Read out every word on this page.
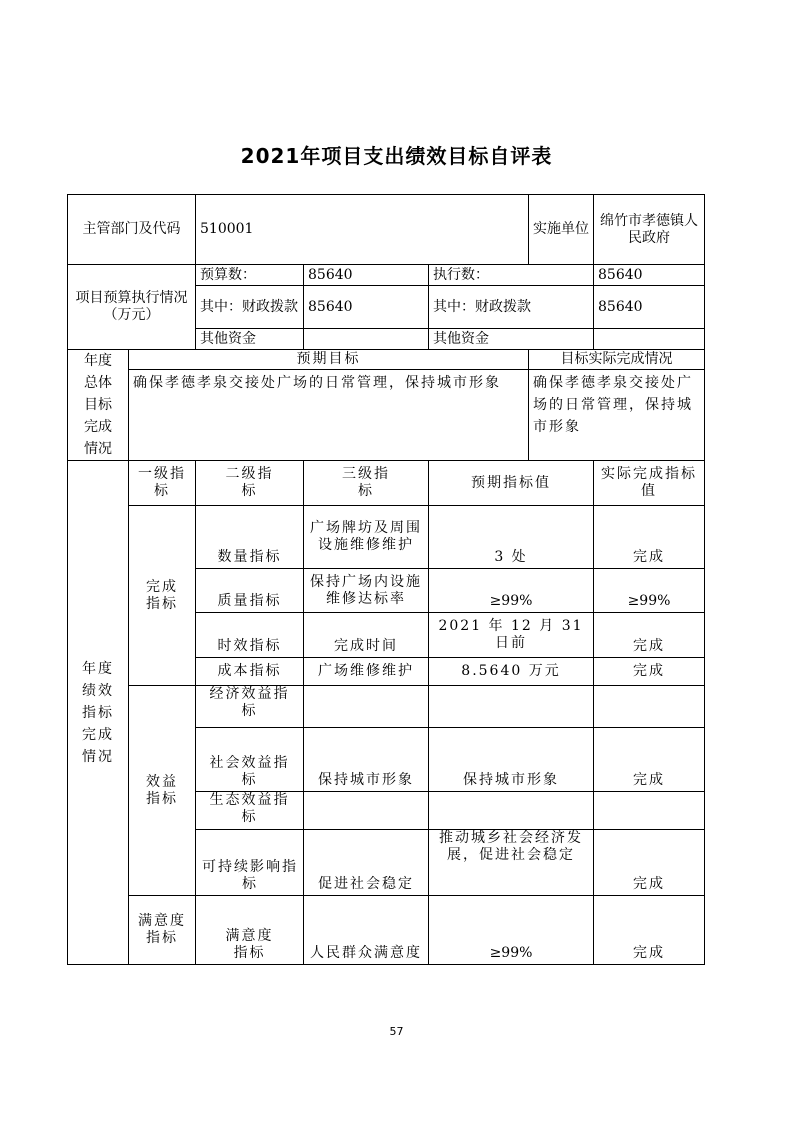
2021年项目支出绩效目标自评表
主管部门及代码		510001			实施单位	绵竹市孝德镇人民政府
项目预算执行情况（万元）		预算数：	85640	执行数：		85640
		其中：财政拨款	85640	其中：财政拨款		85640
		其他资金		其他资金		

年度总体目标完成情况	预期目标				目标实际完成情况	
	确保孝德孝泉交接处广场的日常管理，保持城市形象				确保孝德孝泉交接处广场的日常管理，保持城市形象	

年度绩效指标完成情况	一级指标	二级指标	三级指标	预期指标值		实际完成指标值

	完成指标	数量指标	广场牌坊及周围设施维修维护	3 处		完成
		质量指标	保持广场内设施维修达标率	≥99%		≥99%
		时效指标	完成时间	2021 年 12 月 31 日前		完成
		成本指标	广场维修维护	8.5640 万元		完成

	效益指标	经济效益指标				

		社会效益指标	保持城市形象	保持城市形象		完成

		生态效益指标				

		可持续影响指标	促进社会稳定	推动城乡社会经济发展，促进社会稳定		完成

	满意度指标	满意度指标	人民群众满意度	≥99%		完成
57
